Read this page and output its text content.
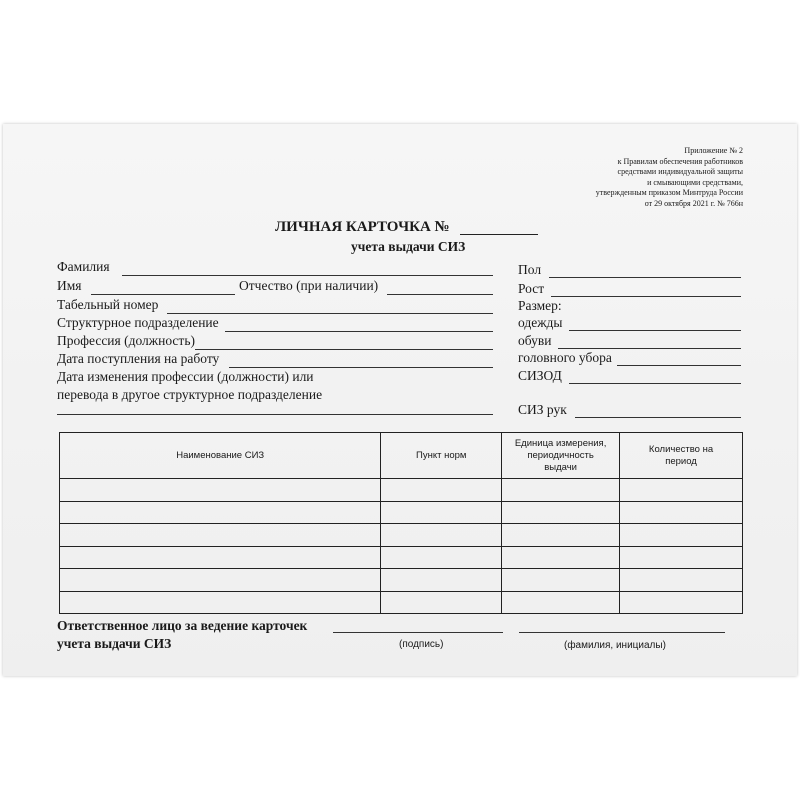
Приложение № 2
к Правилам обеспечения работников
средствами индивидуальной защиты
и смывающими средствами,
утвержденным приказом Минтруда России
от 29 октября 2021 г. № 766н
ЛИЧНАЯ КАРТОЧКА №
учета выдачи СИЗ
Фамилия
Имя	Отчество (при наличии)
Табельный номер
Структурное подразделение
Профессия (должность)
Дата поступления на работу
Дата изменения профессии (должности) или
перевода в другое структурное подразделение
Пол
Рост
Размер:
одежды
обуви
головного убора
СИЗОД
СИЗ рук
Наименование СИЗ	Пункт норм	Единица измерения, периодичность выдачи	Количество на период

Ответственное лицо за ведение карточек
учета выдачи СИЗ	(подпись)	(фамилия, инициалы)
